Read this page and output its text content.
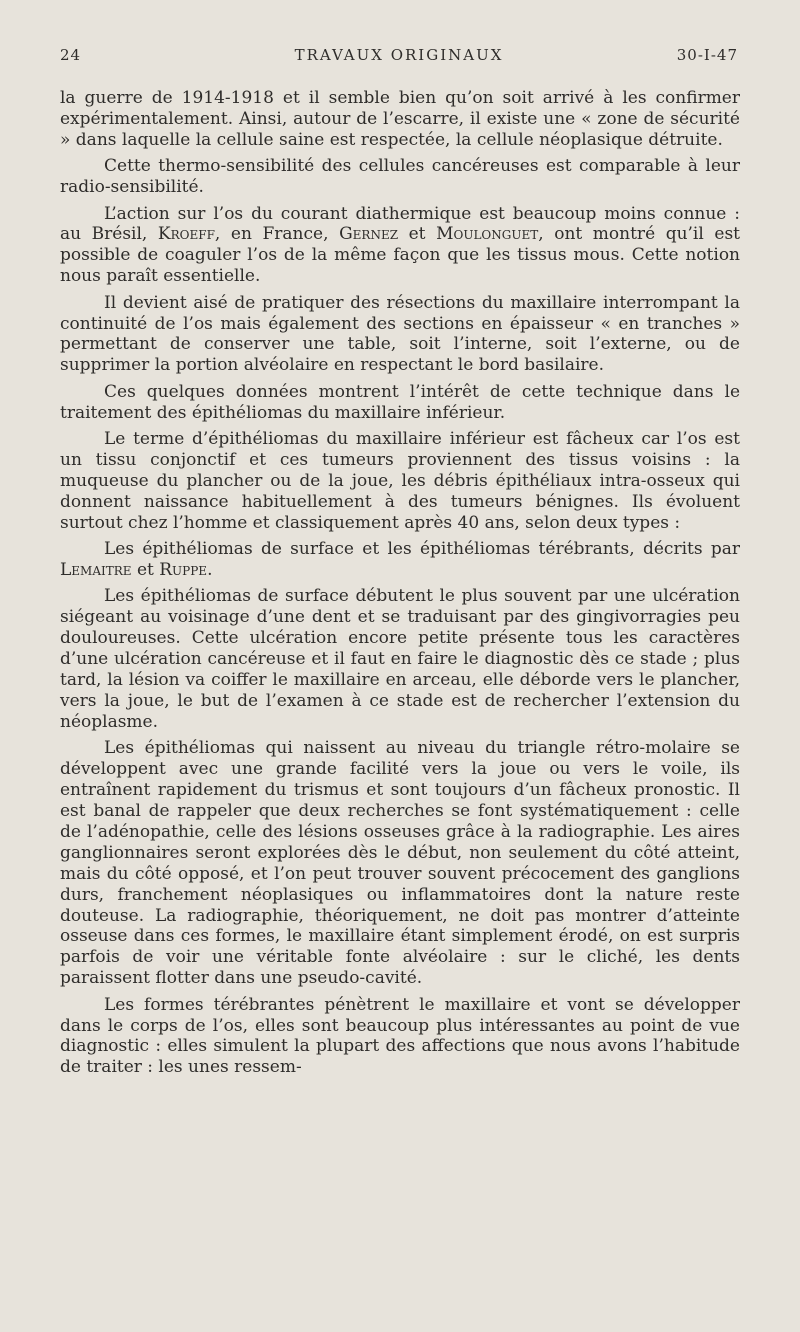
24	TRAVAUX ORIGINAUX	30-I-47

la guerre de 1914-1918 et il semble bien qu’on soit arrivé à les confirmer expérimentalement. Ainsi, autour de l’escarre, il existe une « zone de sécurité » dans laquelle la cellule saine est respectée, la cellule néoplasique détruite.

Cette thermo-sensibilité des cellules cancéreuses est comparable à leur radio-sensibilité.

L’action sur l’os du courant diathermique est beaucoup moins connue : au Brésil, Kroeff, en France, Gernez et Moulonguet, ont montré qu’il est possible de coaguler l’os de la même façon que les tissus mous. Cette notion nous paraît essentielle.

Il devient aisé de pratiquer des résections du maxillaire interrompant la continuité de l’os mais également des sections en épaisseur « en tranches » permettant de conserver une table, soit l’interne, soit l’externe, ou de supprimer la portion alvéolaire en respectant le bord basilaire.

Ces quelques données montrent l’intérêt de cette technique dans le traitement des épithéliomas du maxillaire inférieur.

Le terme d’épithéliomas du maxillaire inférieur est fâcheux car l’os est un tissu conjonctif et ces tumeurs proviennent des tissus voisins : la muqueuse du plancher ou de la joue, les débris épithéliaux intra-osseux qui donnent naissance habituellement à des tumeurs bénignes. Ils évoluent surtout chez l’homme et classiquement après 40 ans, selon deux types :

Les épithéliomas de surface et les épithéliomas térébrants, décrits par Lemaitre et Ruppe.

Les épithéliomas de surface débutent le plus souvent par une ulcération siégeant au voisinage d’une dent et se traduisant par des gingivorragies peu douloureuses. Cette ulcération encore petite présente tous les caractères d’une ulcération cancéreuse et il faut en faire le diagnostic dès ce stade ; plus tard, la lésion va coiffer le maxillaire en arceau, elle déborde vers le plancher, vers la joue, le but de l’examen à ce stade est de rechercher l’extension du néoplasme.

Les épithéliomas qui naissent au niveau du triangle rétro-molaire se développent avec une grande facilité vers la joue ou vers le voile, ils entraînent rapidement du trismus et sont toujours d’un fâcheux pronostic. Il est banal de rappeler que deux recherches se font systématiquement : celle de l’adénopathie, celle des lésions osseuses grâce à la radiographie. Les aires ganglionnaires seront explorées dès le début, non seulement du côté atteint, mais du côté opposé, et l’on peut trouver souvent précocement des ganglions durs, franchement néoplasiques ou inflammatoires dont la nature reste douteuse. La radiographie, théoriquement, ne doit pas montrer d’atteinte osseuse dans ces formes, le maxillaire étant simplement érodé, on est surpris parfois de voir une véritable fonte alvéolaire : sur le cliché, les dents paraissent flotter dans une pseudo-cavité.

Les formes térébrantes pénètrent le maxillaire et vont se développer dans le corps de l’os, elles sont beaucoup plus intéressantes au point de vue diagnostic : elles simulent la plupart des affections que nous avons l’habitude de traiter : les unes ressem-
